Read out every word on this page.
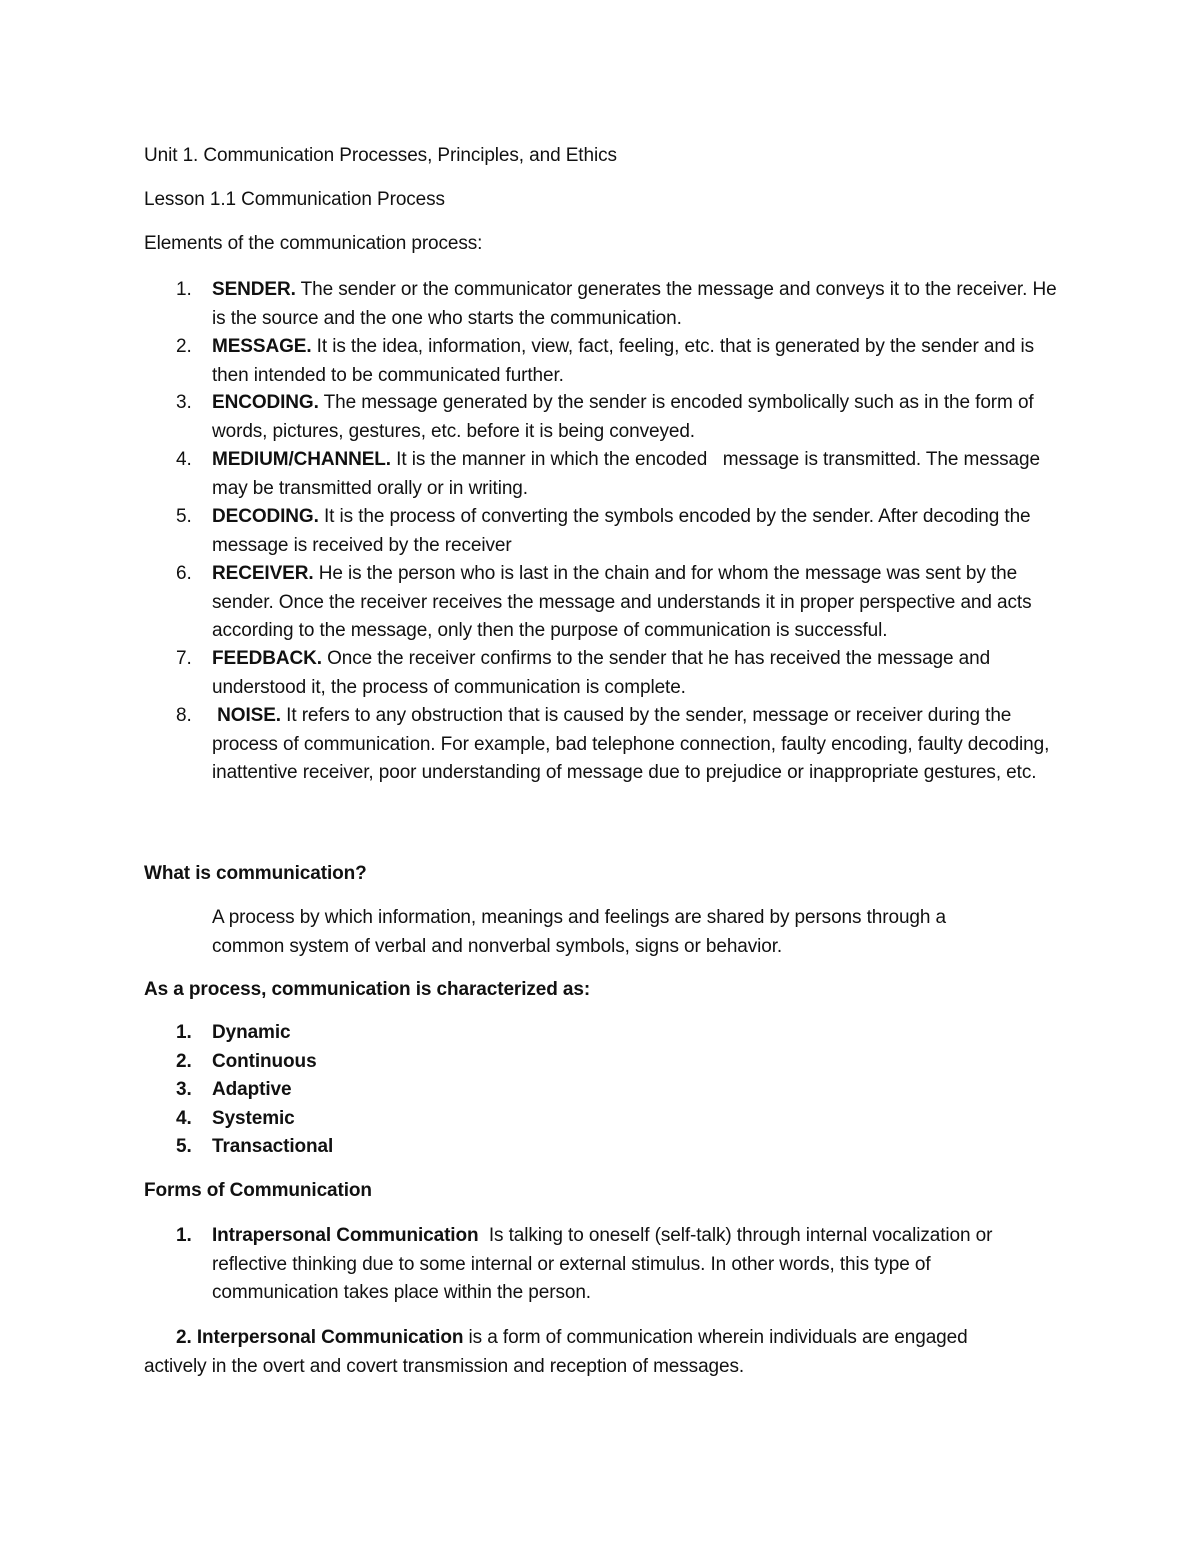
Unit 1. Communication Processes, Principles, and Ethics
Lesson 1.1 Communication Process
Elements of the communication process:
1. SENDER. The sender or the communicator generates the message and conveys it to the receiver. He is the source and the one who starts the communication.
2. MESSAGE. It is the idea, information, view, fact, feeling, etc. that is generated by the sender and is then intended to be communicated further.
3. ENCODING. The message generated by the sender is encoded symbolically such as in the form of words, pictures, gestures, etc. before it is being conveyed.
4. MEDIUM/CHANNEL. It is the manner in which the encoded   message is transmitted. The message may be transmitted orally or in writing.
5. DECODING. It is the process of converting the symbols encoded by the sender. After decoding the message is received by the receiver
6. RECEIVER. He is the person who is last in the chain and for whom the message was sent by the sender. Once the receiver receives the message and understands it in proper perspective and acts according to the message, only then the purpose of communication is successful.
7. FEEDBACK. Once the receiver confirms to the sender that he has received the message and understood it, the process of communication is complete.
8. NOISE. It refers to any obstruction that is caused by the sender, message or receiver during the process of communication. For example, bad telephone connection, faulty encoding, faulty decoding, inattentive receiver, poor understanding of message due to prejudice or inappropriate gestures, etc.
What is communication?
A process by which information, meanings and feelings are shared by persons through a common system of verbal and nonverbal symbols, signs or behavior.
As a process, communication is characterized as:
1. Dynamic
2. Continuous
3. Adaptive
4. Systemic
5. Transactional
Forms of Communication
1. Intrapersonal Communication  Is talking to oneself (self-talk) through internal vocalization or reflective thinking due to some internal or external stimulus. In other words, this type of communication takes place within the person.
2. Interpersonal Communication is a form of communication wherein individuals are engaged actively in the overt and covert transmission and reception of messages.
